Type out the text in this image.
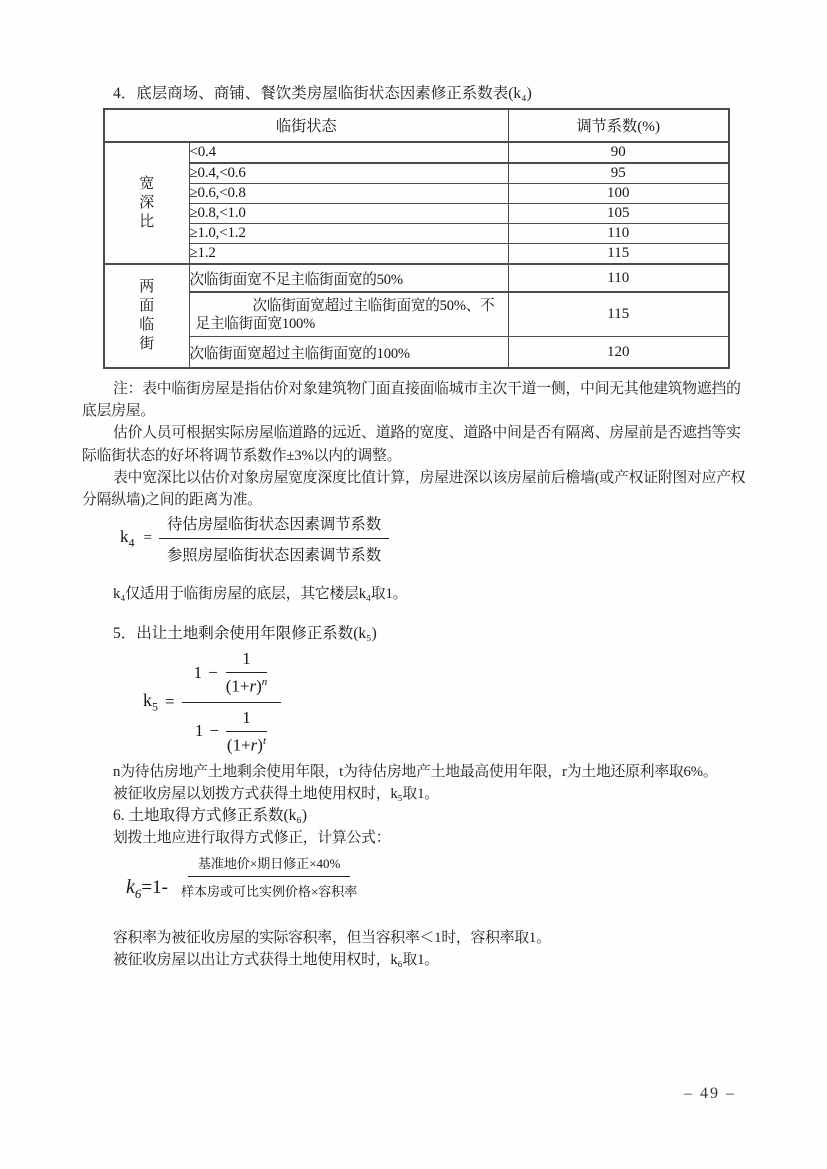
4．底层商场、商铺、餐饮类房屋临街状态因素修正系数表(k₄)
临街状态		调节系数(%)

宽深比	<0.4	90
	≥0.4,<0.6	95
	≥0.6,<0.8	100
	≥0.8,<1.0	105
	≥1.0,<1.2	110
	≥1.2	115

两面临街	次临街面宽不足主临街面宽的50%	110
	次临街面宽超过主临街面宽的50%、不足主临街面宽100%	115
	次临街面宽超过主临街面宽的100%	120

注：表中临街房屋是指估价对象建筑物门面直接面临城市主次干道一侧，中间无其他建筑物遮挡的底层房屋。

估价人员可根据实际房屋临道路的远近、道路的宽度、道路中间是否有隔离、房屋前是否遮挡等实际临街状态的好坏将调节系数作±3%以内的调整。

表中宽深比以估价对象房屋宽度深度比值计算，房屋进深以该房屋前后檐墙(或产权证附图对应产权分隔纵墙)之间的距离为准。

$k_4 = \frac{\text{待估房屋临街状态因素调节系数}}{\text{参照房屋临街状态因素调节系数}}$
k₄仅适用于临街房屋的底层，其它楼层k₄取1。
5．出让土地剩余使用年限修正系数(k₅)
$k_5 = \frac{1 - \frac{1}{(1+r)^n}}{1 - \frac{1}{(1+r)^t}}$
n为待估房地产土地剩余使用年限，t为待估房地产土地最高使用年限，r为土地还原利率取6%。
被征收房屋以划拨方式获得土地使用权时，k₅取1。
6. 土地取得方式修正系数(k₆)
划拨土地应进行取得方式修正，计算公式：
$k_6=1- \frac{\text{基准地价×期日修正×40\%}}{\text{样本房或可比实例价格×容积率}}$
容积率为被征收房屋的实际容积率，但当容积率＜1时，容积率取1。
被征收房屋以出让方式获得土地使用权时，k₆取1。
– 49 –
